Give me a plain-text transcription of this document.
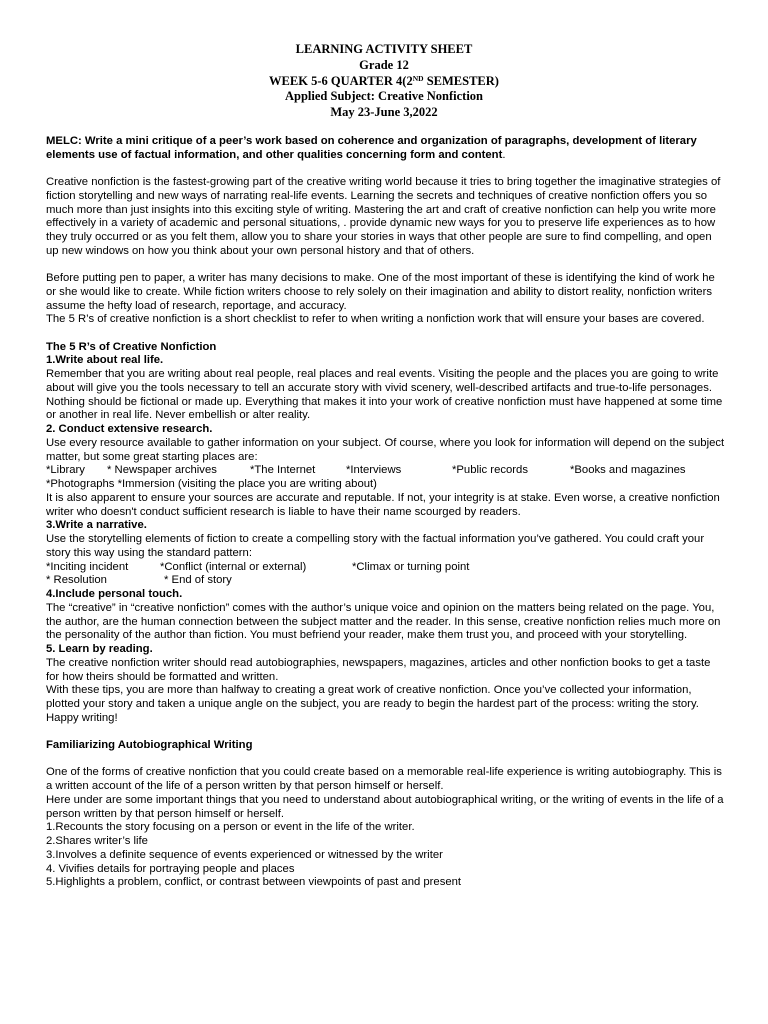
LEARNING ACTIVITY SHEET
Grade 12
WEEK 5-6 QUARTER 4(2ND SEMESTER)
Applied Subject: Creative Nonfiction
May 23-June 3,2022

MELC: Write a mini critique of a peer’s work based on coherence and organization of paragraphs, development of literary elements use of factual information, and other qualities concerning form and content.

Creative nonfiction is the fastest-growing part of the creative writing world because it tries to bring together the imaginative strategies of fiction storytelling and new ways of narrating real-life events. Learning the secrets and techniques of creative nonfiction offers you so much more than just insights into this exciting style of writing. Mastering the art and craft of creative nonfiction can help you write more effectively in a variety of academic and personal situations, . provide dynamic new ways for you to preserve life experiences as to how they truly occurred or as you felt them, allow you to share your stories in ways that other people are sure to find compelling, and open up new windows on how you think about your own personal history and that of others.

Before putting pen to paper, a writer has many decisions to make. One of the most important of these is identifying the kind of work he or she would like to create. While fiction writers choose to rely solely on their imagination and ability to distort reality, nonfiction writers assume the hefty load of research, reportage, and accuracy.

The 5 R’s of creative nonfiction is a short checklist to refer to when writing a nonfiction work that will ensure your bases are covered.

The 5 R’s of Creative Nonfiction

1.Write about real life.

Remember that you are writing about real people, real places and real events. Visiting the people and the places you are going to write about will give you the tools necessary to tell an accurate story with vivid scenery, well-described artifacts and true-to-life personages. Nothing should be fictional or made up. Everything that makes it into your work of creative nonfiction must have happened at some time or another in real life. Never embellish or alter reality.

2. Conduct extensive research.

Use every resource available to gather information on your subject. Of course, where you look for information will depend on the subject matter, but some great starting places are:

*Library * Newspaper archives	*The Internet	*Interviews	*Public records	*Books and magazines

*Photographs *Immersion (visiting the place you are writing about)

It is also apparent to ensure your sources are accurate and reputable. If not, your integrity is at stake. Even worse, a creative nonfiction writer who doesn't conduct sufficient research is liable to have their name scourged by readers.

3.Write a narrative.

Use the storytelling elements of fiction to create a compelling story with the factual information you’ve gathered. You could craft your story this way using the standard pattern:

*Inciting incident	*Conflict (internal or external)	*Climax or turning point
* Resolution	* End of story

4.Include personal touch.

The “creative” in “creative nonfiction” comes with the author’s unique voice and opinion on the matters being related on the page. You, the author, are the human connection between the subject matter and the reader. In this sense, creative nonfiction relies much more on the personality of the author than fiction. You must befriend your reader, make them trust you, and proceed with your storytelling.

5. Learn by reading.

The creative nonfiction writer should read autobiographies, newspapers, magazines, articles and other nonfiction books to get a taste for how theirs should be formatted and written.

With these tips, you are more than halfway to creating a great work of creative nonfiction. Once you’ve collected your information, plotted your story and taken a unique angle on the subject, you are ready to begin the hardest part of the process: writing the story. Happy writing!

Familiarizing Autobiographical Writing

One of the forms of creative nonfiction that you could create based on a memorable real-life experience is writing autobiography. This is a written account of the life of a person written by that person himself or herself.

Here under are some important things that you need to understand about autobiographical writing, or the writing of events in the life of a person written by that person himself or herself.

1.Recounts the story focusing on a person or event in the life of the writer.

2.Shares writer’s life

3.Involves a definite sequence of events experienced or witnessed by the writer

4. Vivifies details for portraying people and places

5.Highlights a problem, conflict, or contrast between viewpoints of past and present
